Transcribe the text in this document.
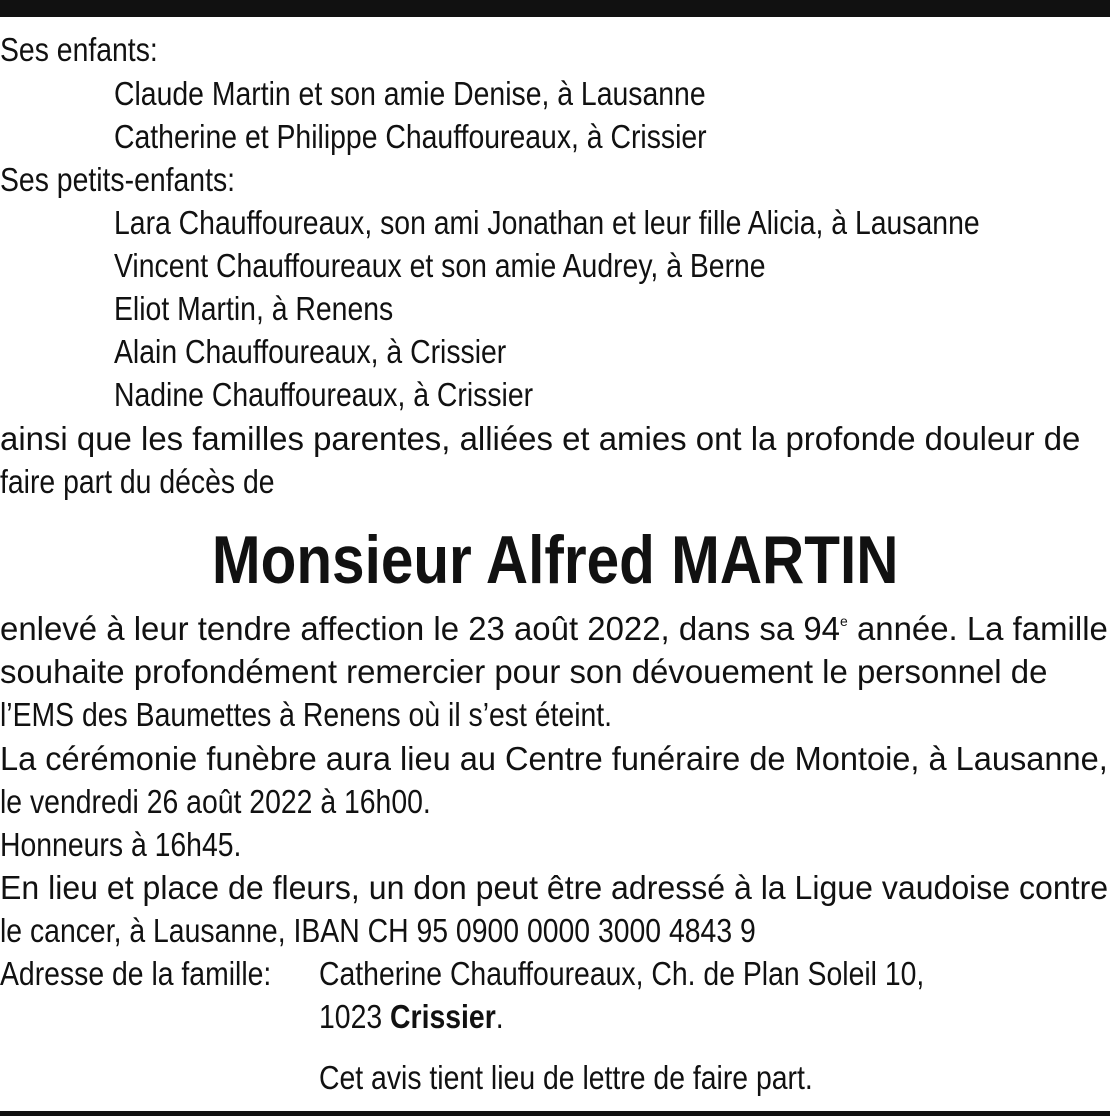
Ses enfants:
Claude Martin et son amie Denise, à Lausanne
Catherine et Philippe Chauffoureaux, à Crissier
Ses petits-enfants:
Lara Chauffoureaux, son ami Jonathan et leur fille Alicia, à Lausanne
Vincent Chauffoureaux et son amie Audrey, à Berne
Eliot Martin, à Renens
Alain Chauffoureaux, à Crissier
Nadine Chauffoureaux, à Crissier
ainsi que les familles parentes, alliées et amies ont la profonde douleur de
faire part du décès de
Monsieur Alfred MARTIN
enlevé à leur tendre affection le 23 août 2022, dans sa 94e année. La famille
souhaite profondément remercier pour son dévouement le personnel de
l’EMS des Baumettes à Renens où il s’est éteint.
La cérémonie funèbre aura lieu au Centre funéraire de Montoie, à Lausanne,
le vendredi 26 août 2022 à 16h00.
Honneurs à 16h45.
En lieu et place de fleurs, un don peut être adressé à la Ligue vaudoise contre
le cancer, à Lausanne, IBAN CH 95 0900 0000 3000 4843 9
Adresse de la famille: Catherine Chauffoureaux, Ch. de Plan Soleil 10,
1023 Crissier.
Cet avis tient lieu de lettre de faire part.
